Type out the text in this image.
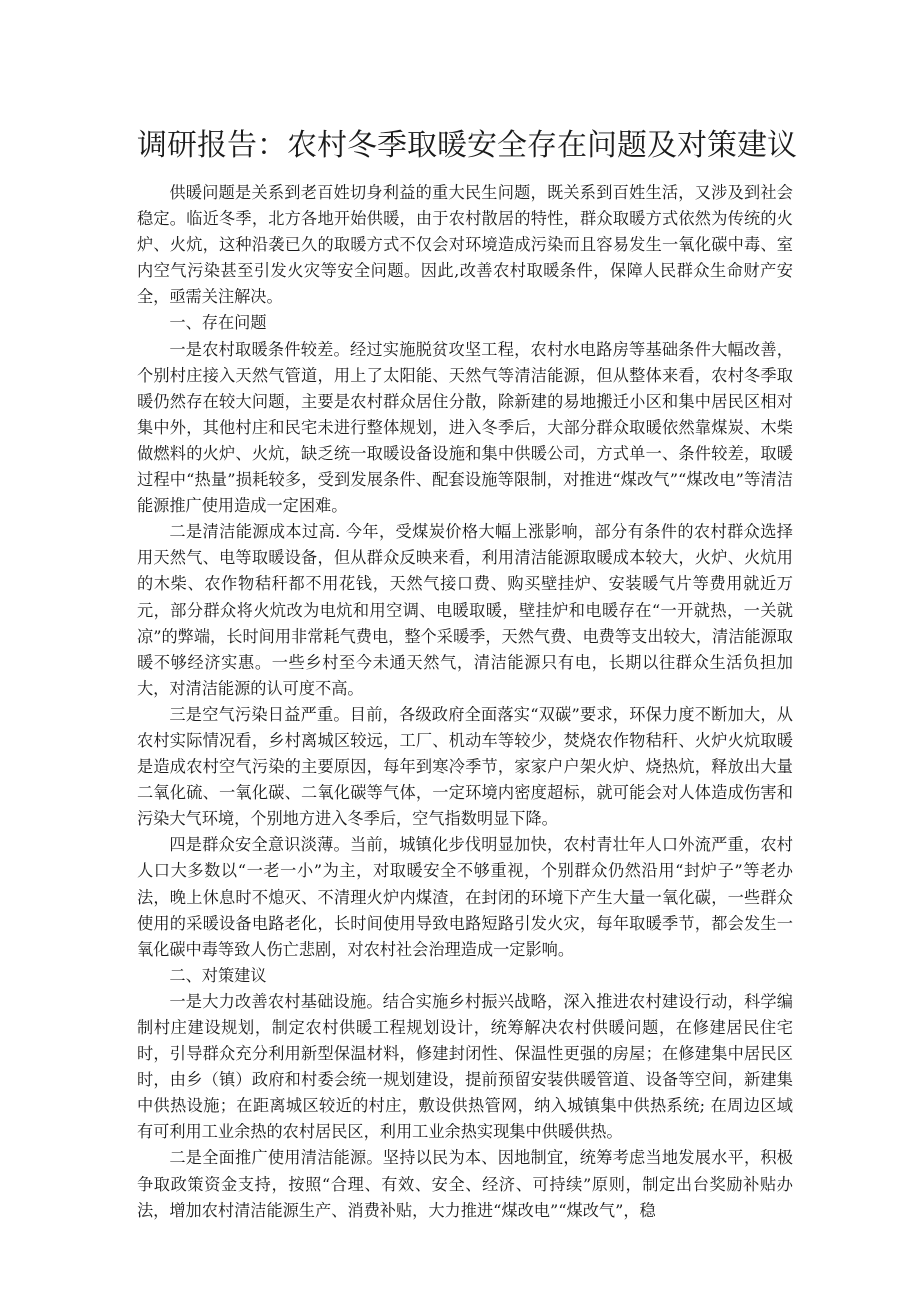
调研报告：农村冬季取暖安全存在问题及对策建议

供暖问题是关系到老百姓切身利益的重大民生问题，既关系到百姓生活，又涉及到社会稳定。临近冬季，北方各地开始供暖，由于农村散居的特性，群众取暖方式依然为传统的火炉、火炕，这种沿袭已久的取暖方式不仅会对环境造成污染而且容易发生一氧化碳中毒、室内空气污染甚至引发火灾等安全问题。因此,改善农村取暖条件，保障人民群众生命财产安全，亟需关注解决。

一、存在问题

一是农村取暖条件较差。经过实施脱贫攻坚工程，农村水电路房等基础条件大幅改善，个别村庄接入天然气管道，用上了太阳能、天然气等清洁能源，但从整体来看，农村冬季取暖仍然存在较大问题，主要是农村群众居住分散，除新建的易地搬迁小区和集中居民区相对集中外，其他村庄和民宅未进行整体规划，进入冬季后，大部分群众取暖依然靠煤炭、木柴做燃料的火炉、火炕，缺乏统一取暖设备设施和集中供暖公司，方式单一、条件较差，取暖过程中“热量”损耗较多，受到发展条件、配套设施等限制，对推进“煤改气”“煤改电”等清洁能源推广使用造成一定困难。

二是清洁能源成本过高. 今年，受煤炭价格大幅上涨影响，部分有条件的农村群众选择用天然气、电等取暖设备，但从群众反映来看，利用清洁能源取暖成本较大，火炉、火炕用的木柴、农作物秸秆都不用花钱，天然气接口费、购买壁挂炉、安装暖气片等费用就近万元，部分群众将火炕改为电炕和用空调、电暖取暖，壁挂炉和电暖存在“一开就热，一关就凉”的弊端，长时间用非常耗气费电，整个采暖季，天然气费、电费等支出较大，清洁能源取暖不够经济实惠。一些乡村至今未通天然气，清洁能源只有电，长期以往群众生活负担加大，对清洁能源的认可度不高。

三是空气污染日益严重。目前，各级政府全面落实“双碳”要求，环保力度不断加大，从农村实际情况看，乡村离城区较远，工厂、机动车等较少，焚烧农作物秸秆、火炉火炕取暖是造成农村空气污染的主要原因，每年到寒冷季节，家家户户架火炉、烧热炕，释放出大量二氧化硫、一氧化碳、二氧化碳等气体，一定环境内密度超标，就可能会对人体造成伤害和污染大气环境，个别地方进入冬季后，空气指数明显下降。

四是群众安全意识淡薄。当前，城镇化步伐明显加快，农村青壮年人口外流严重，农村人口大多数以“一老一小”为主，对取暖安全不够重视，个别群众仍然沿用“封炉子”等老办法，晚上休息时不熄灭、不清理火炉内煤渣，在封闭的环境下产生大量一氧化碳，一些群众使用的采暖设备电路老化，长时间使用导致电路短路引发火灾，每年取暖季节，都会发生一氧化碳中毒等致人伤亡悲剧，对农村社会治理造成一定影响。

二、对策建议

一是大力改善农村基础设施。结合实施乡村振兴战略，深入推进农村建设行动，科学编制村庄建设规划，制定农村供暖工程规划设计，统筹解决农村供暖问题，在修建居民住宅时，引导群众充分利用新型保温材料，修建封闭性、保温性更强的房屋；在修建集中居民区时，由乡（镇）政府和村委会统一规划建设，提前预留安装供暖管道、设备等空间，新建集中供热设施；在距离城区较近的村庄，敷设供热管网，纳入城镇集中供热系统; 在周边区域有可利用工业余热的农村居民区，利用工业余热实现集中供暖供热。

二是全面推广使用清洁能源。坚持以民为本、因地制宜，统筹考虑当地发展水平，积极争取政策资金支持，按照“合理、有效、安全、经济、可持续”原则，制定出台奖励补贴办法，增加农村清洁能源生产、消费补贴，大力推进“煤改电”“煤改气”，稳
